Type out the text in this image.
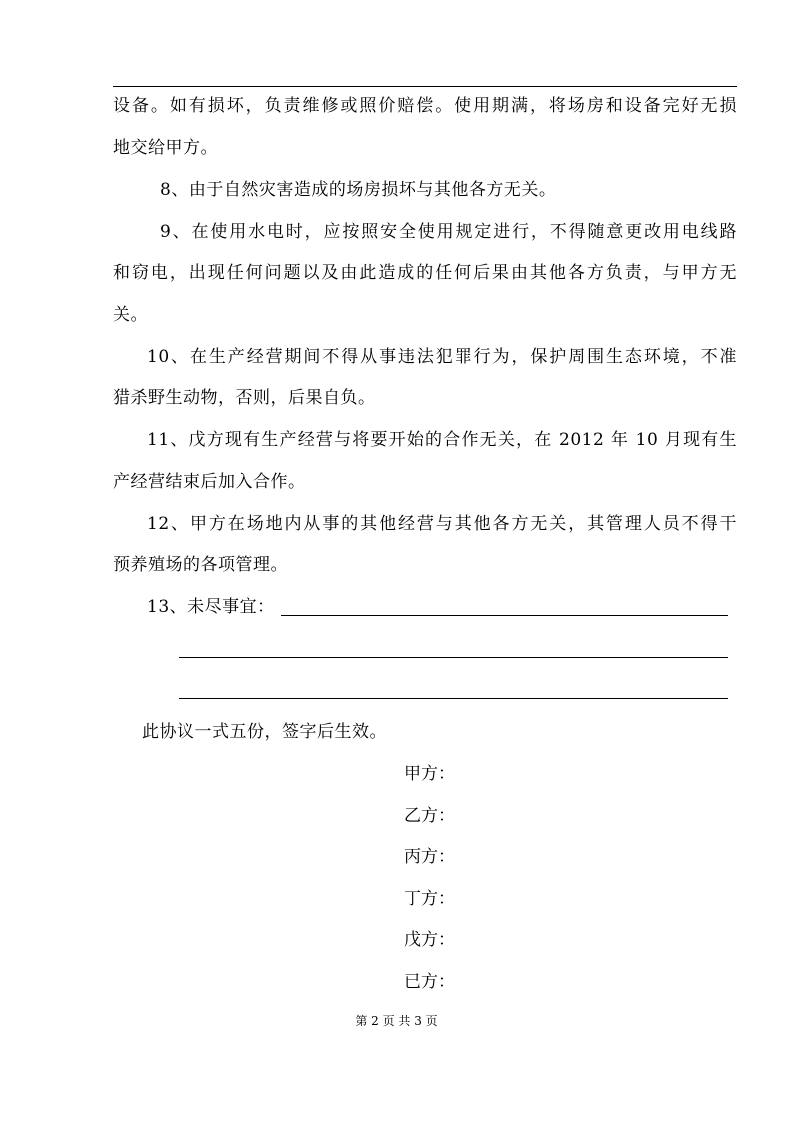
设备。如有损坏，负责维修或照价赔偿。使用期满，将场房和设备完好无损
地交给甲方。
8、由于自然灾害造成的场房损坏与其他各方无关。
9、在使用水电时，应按照安全使用规定进行，不得随意更改用电线路
和窃电，出现任何问题以及由此造成的任何后果由其他各方负责，与甲方无
关。
10、在生产经营期间不得从事违法犯罪行为，保护周围生态环境，不准
猎杀野生动物，否则，后果自负。
11、戊方现有生产经营与将要开始的合作无关，在 2012 年 10 月现有生
产经营结束后加入合作。
12、甲方在场地内从事的其他经营与其他各方无关，其管理人员不得干
预养殖场的各项管理。
13、未尽事宜：
此协议一式五份，签字后生效。
甲方：
乙方：
丙方：
丁方：
戊方：
已方：
第 2 页 共 3 页
